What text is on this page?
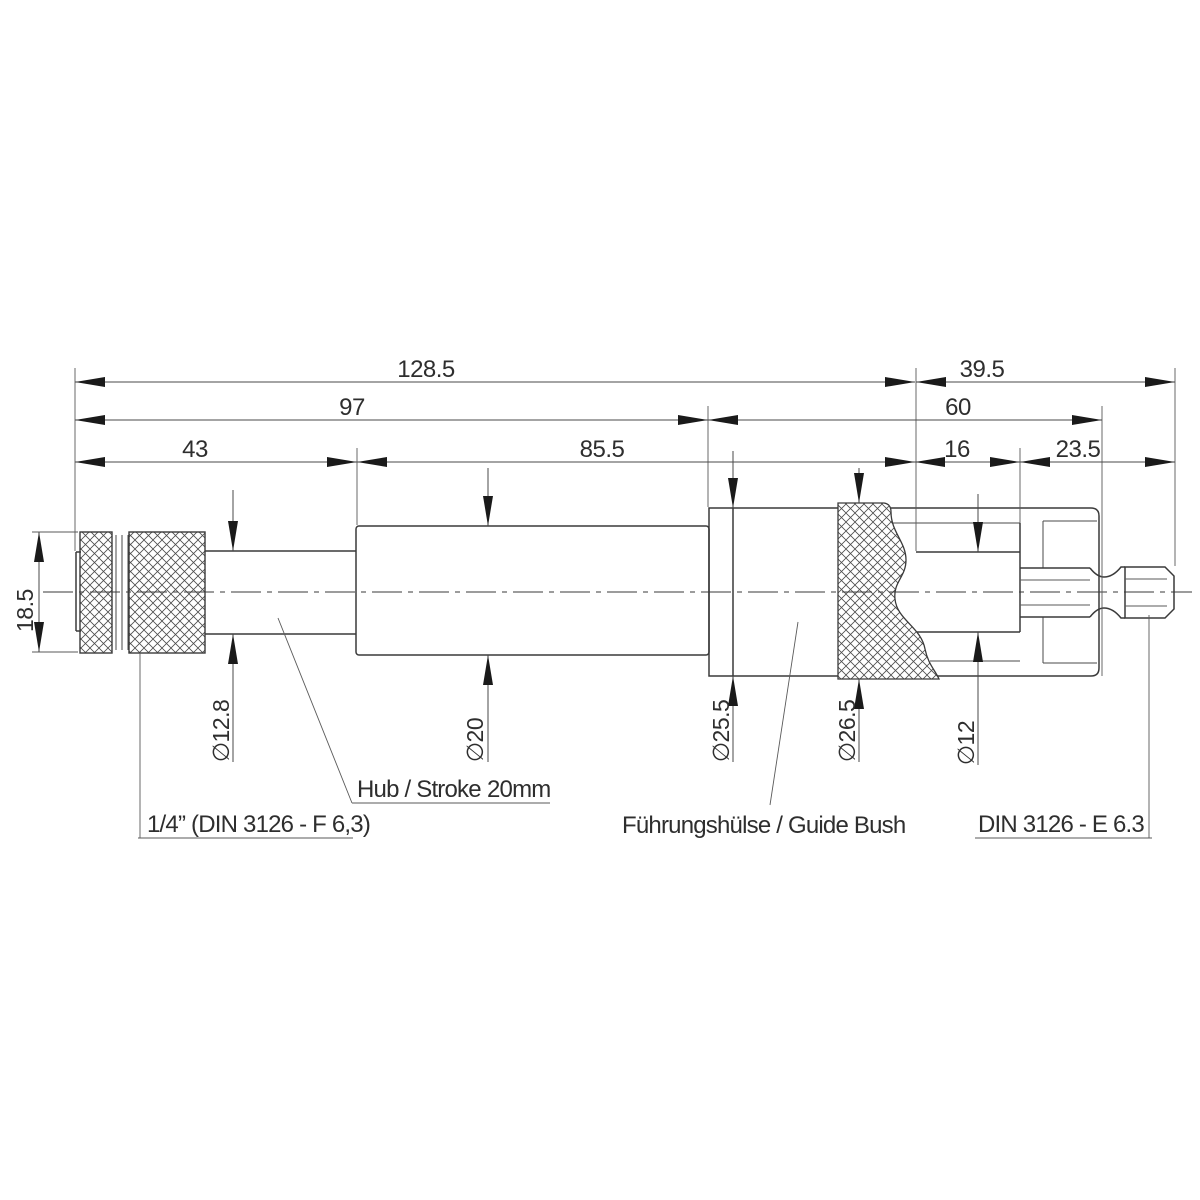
128.5	39.5
97	60
43	85.5	16	23.5
18.5
∅12.8	∅20	∅25.5	∅26.5	∅12
Hub / Stroke 20mm
1/4” (DIN 3126 - F 6,3)	Führungshülse / Guide Bush	DIN 3126 - E 6.3
